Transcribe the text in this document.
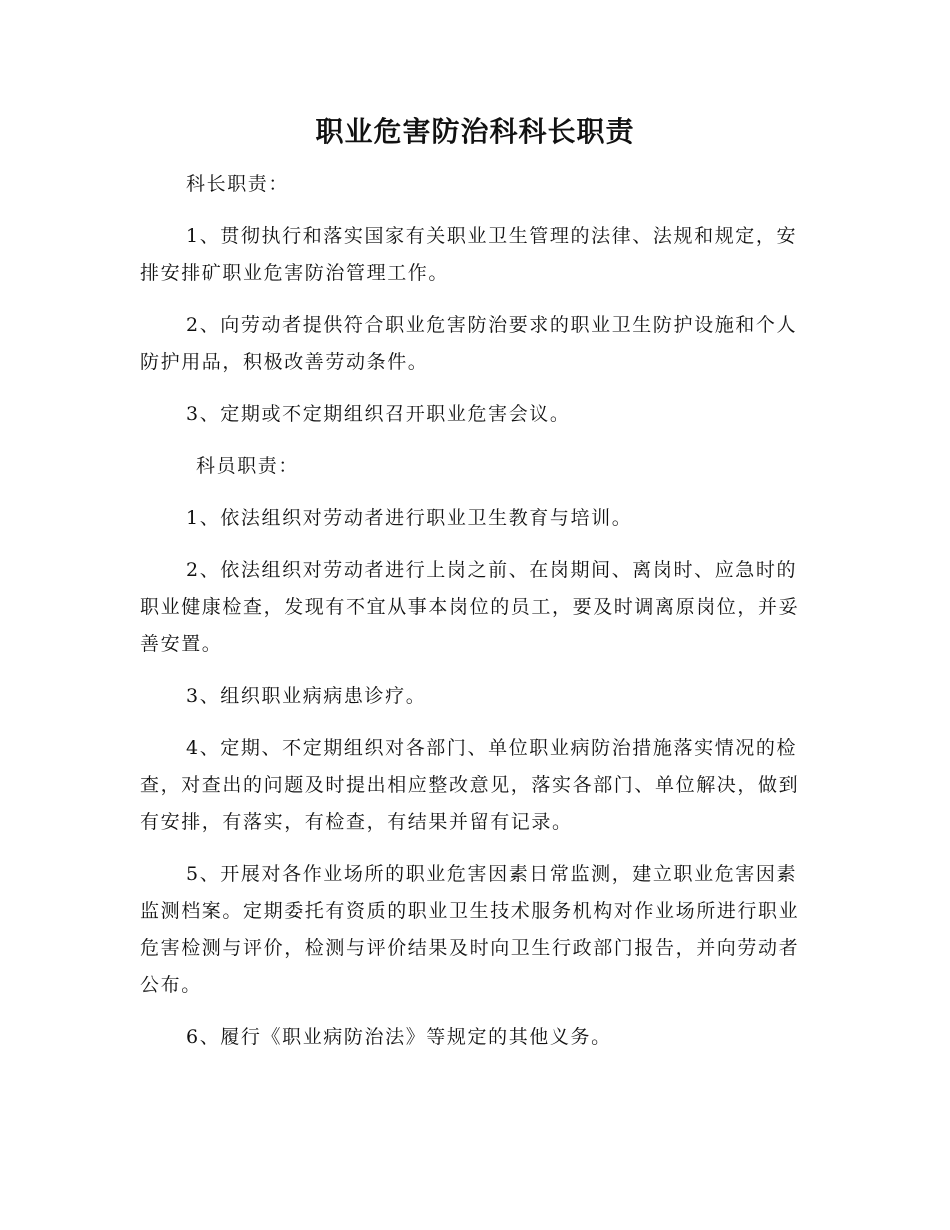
职业危害防治科科长职责

科长职责：

1、贯彻执行和落实国家有关职业卫生管理的法律、法规和规定，安排安排矿职业危害防治管理工作。

2、向劳动者提供符合职业危害防治要求的职业卫生防护设施和个人防护用品，积极改善劳动条件。

3、定期或不定期组织召开职业危害会议。

科员职责：

1、依法组织对劳动者进行职业卫生教育与培训。

2、依法组织对劳动者进行上岗之前、在岗期间、离岗时、应急时的职业健康检查，发现有不宜从事本岗位的员工，要及时调离原岗位，并妥善安置。

3、组织职业病病患诊疗。

4、定期、不定期组织对各部门、单位职业病防治措施落实情况的检查，对查出的问题及时提出相应整改意见，落实各部门、单位解决，做到有安排，有落实，有检查，有结果并留有记录。

5、开展对各作业场所的职业危害因素日常监测，建立职业危害因素监测档案。定期委托有资质的职业卫生技术服务机构对作业场所进行职业危害检测与评价，检测与评价结果及时向卫生行政部门报告，并向劳动者公布。

6、履行《职业病防治法》等规定的其他义务。
